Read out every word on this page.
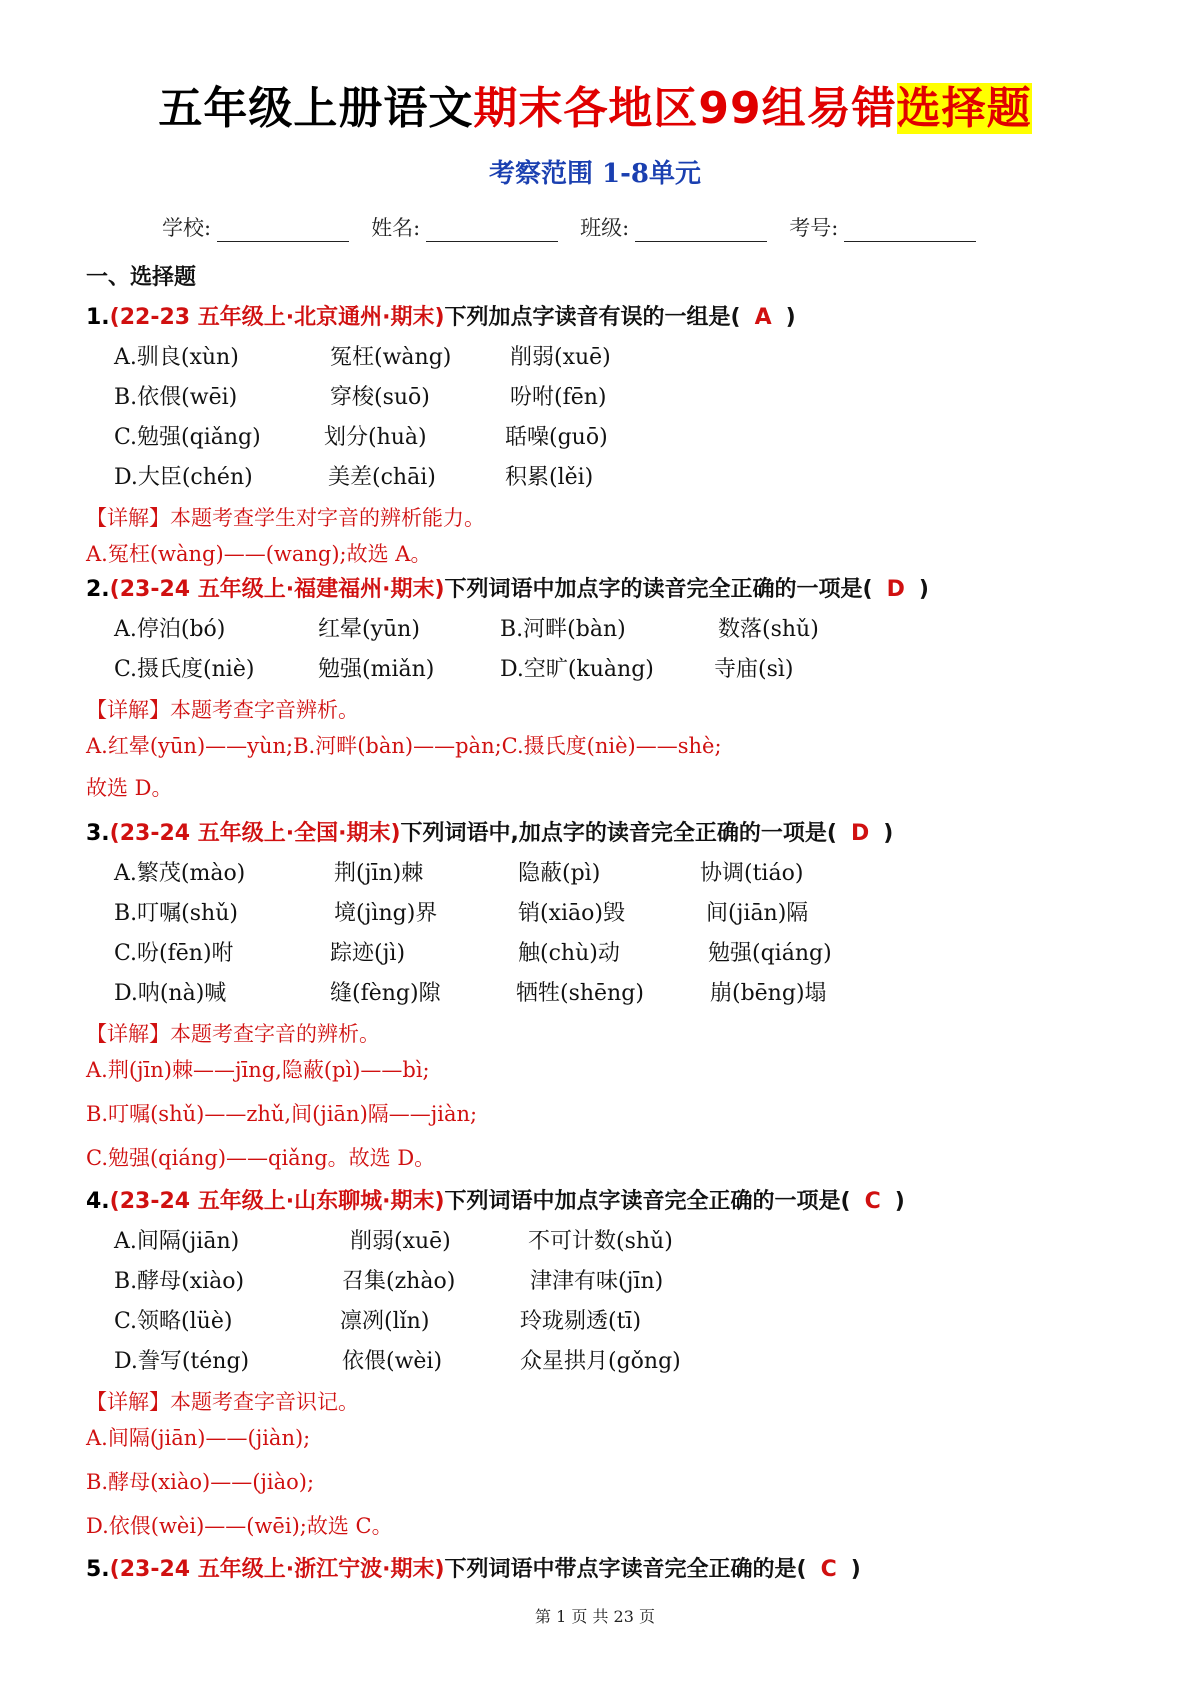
五年级上册语文期末各地区99组易错选择题
考察范围 1-8单元
学校:	姓名:	班级:	考号:
一、选择题
1.(22-23 五年级上·北京通州·期末)下列加点字读音有误的一组是( A )
A.驯良(xùn)	冤枉(wàng)	削弱(xuē)
B.依偎(wēi)	穿梭(suō)	吩咐(fēn)
C.勉强(qiǎng)	划分(huà)	聒噪(guō)
D.大臣(chén)	美差(chāi)	积累(lěi)
【详解】本题考查学生对字音的辨析能力。
A.冤枉(wàng)——(wang);故选 A。
2.(23-24 五年级上·福建福州·期末)下列词语中加点字的读音完全正确的一项是( D )
A.停泊(bó)	红晕(yūn)	B.河畔(bàn)	数落(shǔ)
C.摄氏度(niè)	勉强(miǎn)	D.空旷(kuàng)	寺庙(sì)
【详解】本题考查字音辨析。
A.红晕(yūn)——yùn;B.河畔(bàn)——pàn;C.摄氏度(niè)——shè;
故选 D。
3.(23-24 五年级上·全国·期末)下列词语中,加点字的读音完全正确的一项是( D )
A.繁茂(mào)	荆(jīn)棘	隐蔽(pì)	协调(tiáo)
B.叮嘱(shǔ)	境(jìng)界	销(xiāo)毁	间(jiān)隔
C.吩(fēn)咐	踪迹(jì)	触(chù)动	勉强(qiáng)
D.呐(nà)喊	缝(fèng)隙	牺牲(shēng)	崩(bēng)塌
【详解】本题考查字音的辨析。
A.荆(jīn)棘——jīng,隐蔽(pì)——bì;
B.叮嘱(shǔ)——zhǔ,间(jiān)隔——jiàn;
C.勉强(qiáng)——qiǎng。故选 D。
4.(23-24 五年级上·山东聊城·期末)下列词语中加点字读音完全正确的一项是( C )
A.间隔(jiān)	削弱(xuē)	不可计数(shǔ)
B.酵母(xiào)	召集(zhào)	津津有味(jīn)
C.领略(lüè)	凛冽(lǐn)	玲珑剔透(tī)
D.誊写(téng)	依偎(wèi)	众星拱月(gǒng)
【详解】本题考查字音识记。
A.间隔(jiān)——(jiàn);
B.酵母(xiào)——(jiào);
D.依偎(wèi)——(wēi);故选 C。
5.(23-24 五年级上·浙江宁波·期末)下列词语中带点字读音完全正确的是( C )
第 1 页 共 23 页
